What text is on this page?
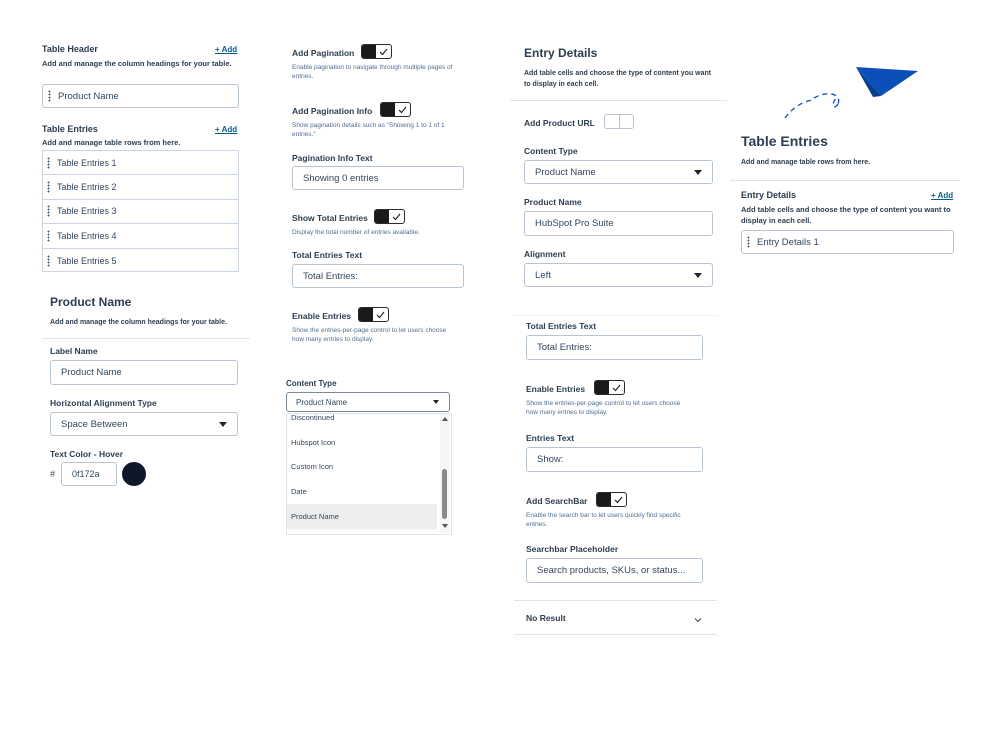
Table Header	+ Add
Add and manage the column headings for your table.
Product Name
Table Entries	+ Add
Add and manage table rows from here.
Table Entries 1
Table Entries 2
Table Entries 3
Table Entries 4
Table Entries 5
Product Name
Add and manage the column headings for your table.
Label Name
Product Name
Horizontal Alignment Type
Space Between
Text Color - Hover
#	0f172a
Add Pagination
Enable pagination to navigate through multiple pages of entries.
Add Pagination Info
Show pagination details such as "Showing 1 to 1 of 1 entries."
Pagination Info Text
Showing 0 entries
Show Total Entries
Display the total number of entries available.
Total Entries Text
Total Entries:
Enable Entries
Show the entries-per-page control to let users choose how many entries to display.
Content Type
Product Name
Discontinued
Hubspot Icon
Custom Icon
Date
Product Name
Entry Details
Add table cells and choose the type of content you want to display in each cell.
Add Product URL
Content Type
Product Name
Product Name
HubSpot Pro Suite
Alignment
Left
Total Entries Text
Total Entries:
Enable Entries
Show the entries-per-page control to let users choose how many entries to display.
Entries Text
Show:
Add SearchBar
Enable the search bar to let users quickly find specific entries.
Searchbar Placeholder
Search products, SKUs, or status...
No Result
Table Entries
Add and manage table rows from here.
Entry Details	+ Add
Add table cells and choose the type of content you want to display in each cell.
Entry Details 1
